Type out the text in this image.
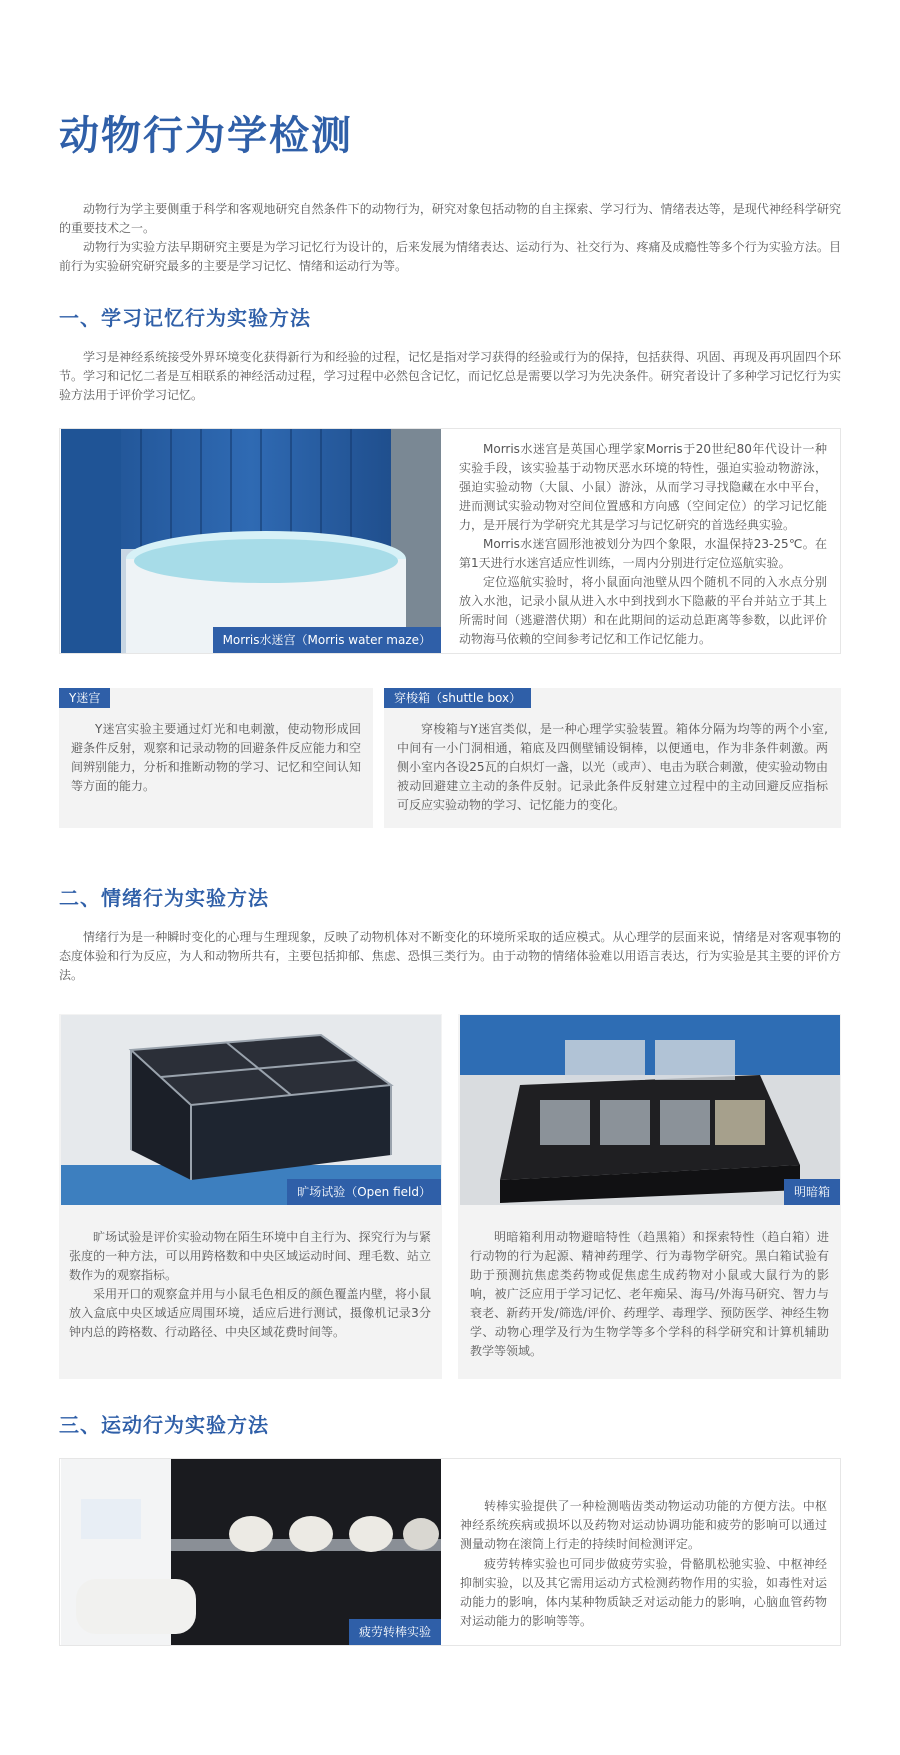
动物行为学检测

动物行为学主要侧重于科学和客观地研究自然条件下的动物行为，研究对象包括动物的自主探索、学习行为、情绪表达等，是现代神经科学研究的重要技术之一。

动物行为实验方法早期研究主要是为学习记忆行为设计的，后来发展为情绪表达、运动行为、社交行为、疼痛及成瘾性等多个行为实验方法。目前行为实验研究研究最多的主要是学习记忆、情绪和运动行为等。

一、学习记忆行为实验方法

学习是神经系统接受外界环境变化获得新行为和经验的过程，记忆是指对学习获得的经验或行为的保持，包括获得、巩固、再现及再巩固四个环节。学习和记忆二者是互相联系的神经活动过程，学习过程中必然包含记忆，而记忆总是需要以学习为先决条件。研究者设计了多种学习记忆行为实验方法用于评价学习记忆。

Morris水迷宫（Morris water maze）

Morris水迷宫是英国心理学家Morris于20世纪80年代设计一种实验手段，该实验基于动物厌恶水环境的特性，强迫实验动物游泳，强迫实验动物（大鼠、小鼠）游泳，从而学习寻找隐藏在水中平台，进而测试实验动物对空间位置感和方向感（空间定位）的学习记忆能力，是开展行为学研究尤其是学习与记忆研究的首选经典实验。

Morris水迷宫圆形池被划分为四个象限，水温保持23-25℃。在第1天进行水迷宫适应性训练，一周内分别进行定位巡航实验。

定位巡航实验时，将小鼠面向池壁从四个随机不同的入水点分别放入水池，记录小鼠从进入水中到找到水下隐蔽的平台并站立于其上所需时间（逃避潜伏期）和在此期间的运动总距离等参数，以此评价动物海马依赖的空间参考记忆和工作记忆能力。

Y迷宫

Y迷宫实验主要通过灯光和电刺激，使动物形成回避条件反射，观察和记录动物的回避条件反应能力和空间辨别能力，分析和推断动物的学习、记忆和空间认知等方面的能力。

穿梭箱（shuttle box）

穿梭箱与Y迷宫类似，是一种心理学实验装置。箱体分隔为均等的两个小室,中间有一小门洞相通，箱底及四侧壁铺设铜棒，以便通电，作为非条件刺激。两侧小室内各设25瓦的白炽灯一盏，以光（或声）、电击为联合刺激，使实验动物由被动回避建立主动的条件反射。记录此条件反射建立过程中的主动回避反应指标可反应实验动物的学习、记忆能力的变化。

二、情绪行为实验方法

情绪行为是一种瞬时变化的心理与生理现象，反映了动物机体对不断变化的环境所采取的适应模式。从心理学的层面来说，情绪是对客观事物的态度体验和行为反应，为人和动物所共有，主要包括抑郁、焦虑、恐惧三类行为。由于动物的情绪体验难以用语言表达，行为实验是其主要的评价方法。

旷场试验（Open field）

旷场试验是评价实验动物在陌生环境中自主行为、探究行为与紧张度的一种方法，可以用跨格数和中央区域运动时间、理毛数、站立数作为的观察指标。

采用开口的观察盒并用与小鼠毛色相反的颜色覆盖内壁，将小鼠放入盒底中央区域适应周围环境，适应后进行测试，摄像机记录3分钟内总的跨格数、行动路径、中央区域花费时间等。

明暗箱

明暗箱利用动物避暗特性（趋黑箱）和探索特性（趋白箱）进行动物的行为起源、精神药理学、行为毒物学研究。黑白箱试验有助于预测抗焦虑类药物或促焦虑生成药物对小鼠或大鼠行为的影响，被广泛应用于学习记忆、老年痴呆、海马/外海马研究、智力与衰老、新药开发/筛选/评价、药理学、毒理学、预防医学、神经生物学、动物心理学及行为生物学等多个学科的科学研究和计算机辅助教学等领域。

三、运动行为实验方法
疲劳转棒实验

转棒实验提供了一种检测啮齿类动物运动功能的方便方法。中枢神经系统疾病或损坏以及药物对运动协调功能和疲劳的影响可以通过测量动物在滚筒上行走的持续时间检测评定。

疲劳转棒实验也可同步做疲劳实验，骨骼肌松驰实验、中枢神经抑制实验，以及其它需用运动方式检测药物作用的实验，如毒性对运动能力的影响，体内某种物质缺乏对运动能力的影响，心脑血管药物对运动能力的影响等等。
